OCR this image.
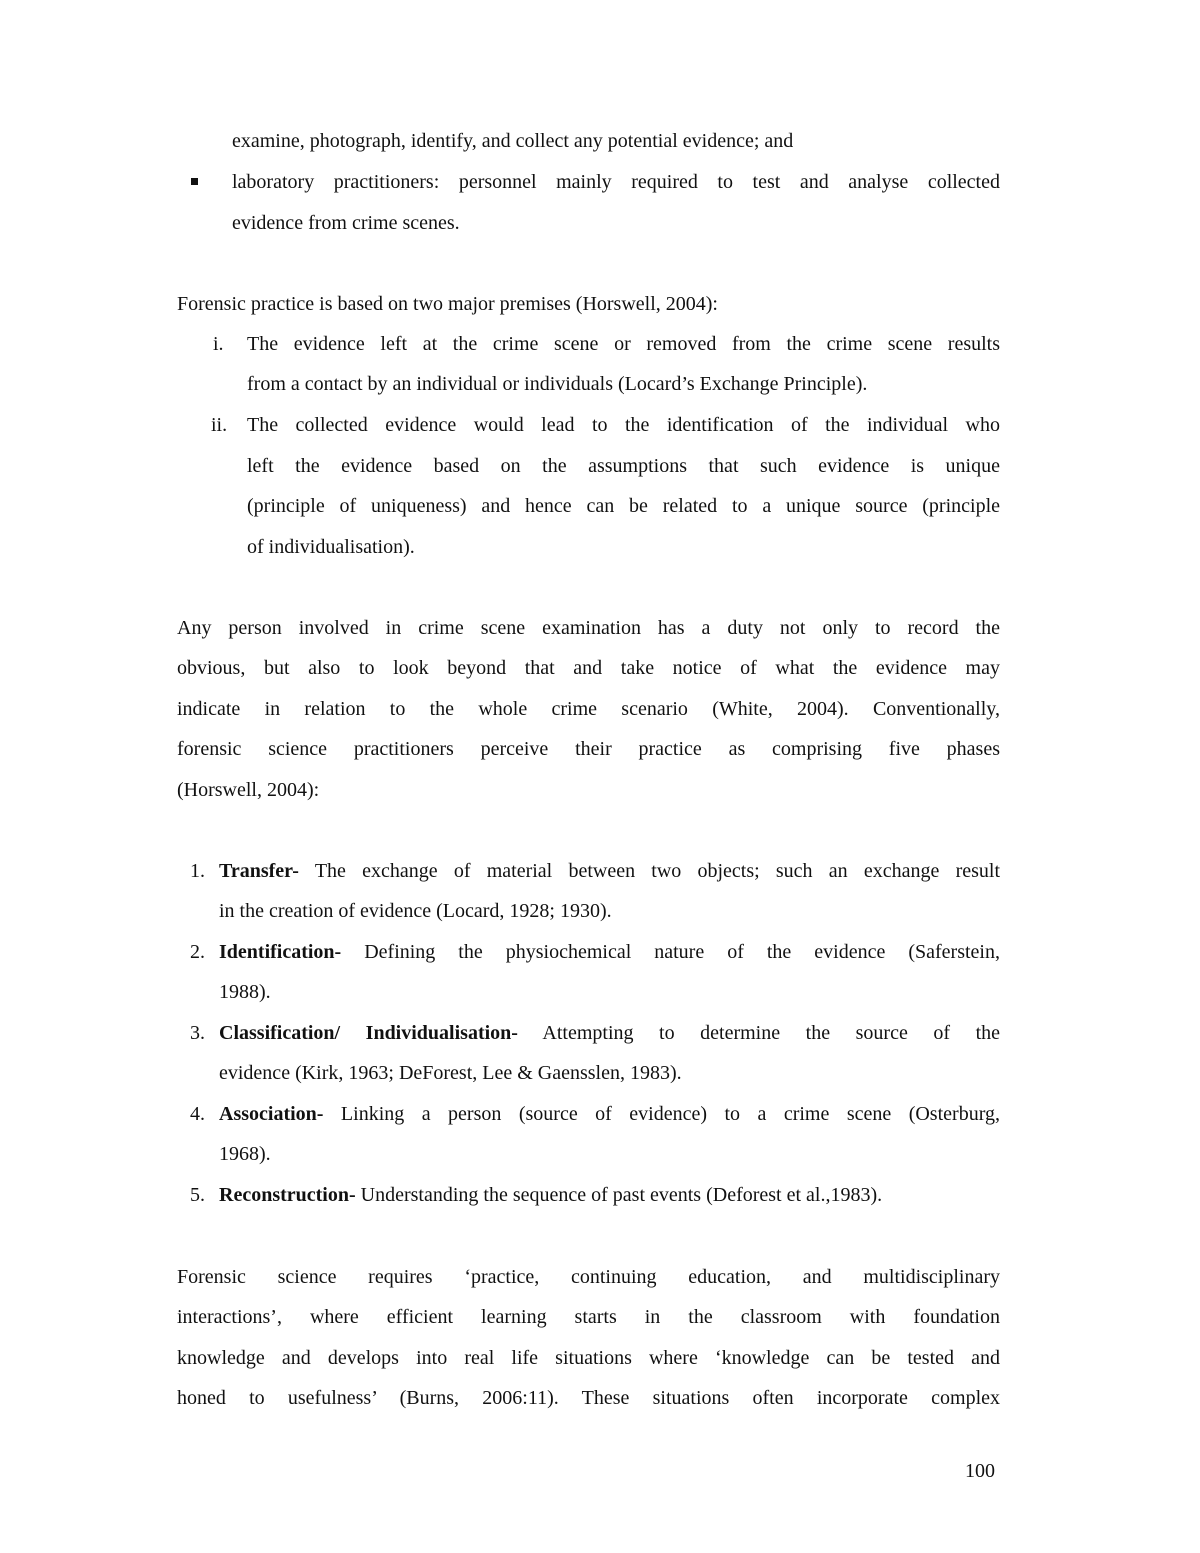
examine, photograph, identify, and collect any potential evidence; and
laboratory practitioners: personnel mainly required to test and analyse collected
evidence from crime scenes.
Forensic practice is based on two major premises (Horswell, 2004):
i. The evidence left at the crime scene or removed from the crime scene results
from a contact by an individual or individuals (Locard’s Exchange Principle).
ii. The collected evidence would lead to the identification of the individual who
left the evidence based on the assumptions that such evidence is unique
(principle of uniqueness) and hence can be related to a unique source (principle
of individualisation).
Any person involved in crime scene examination has a duty not only to record the
obvious, but also to look beyond that and take notice of what the evidence may
indicate in relation to the whole crime scenario (White, 2004). Conventionally,
forensic science practitioners perceive their practice as comprising five phases
(Horswell, 2004):
1. Transfer- The exchange of material between two objects; such an exchange result
in the creation of evidence (Locard, 1928; 1930).
2. Identification- Defining the physiochemical nature of the evidence (Saferstein,
1988).
3. Classification/ Individualisation- Attempting to determine the source of the
evidence (Kirk, 1963; DeForest, Lee & Gaensslen, 1983).
4. Association- Linking a person (source of evidence) to a crime scene (Osterburg,
1968).
5. Reconstruction- Understanding the sequence of past events (Deforest et al.,1983).
Forensic science requires ‘practice, continuing education, and multidisciplinary
interactions’, where efficient learning starts in the classroom with foundation
knowledge and develops into real life situations where ‘knowledge can be tested and
honed to usefulness’ (Burns, 2006:11). These situations often incorporate complex
100
